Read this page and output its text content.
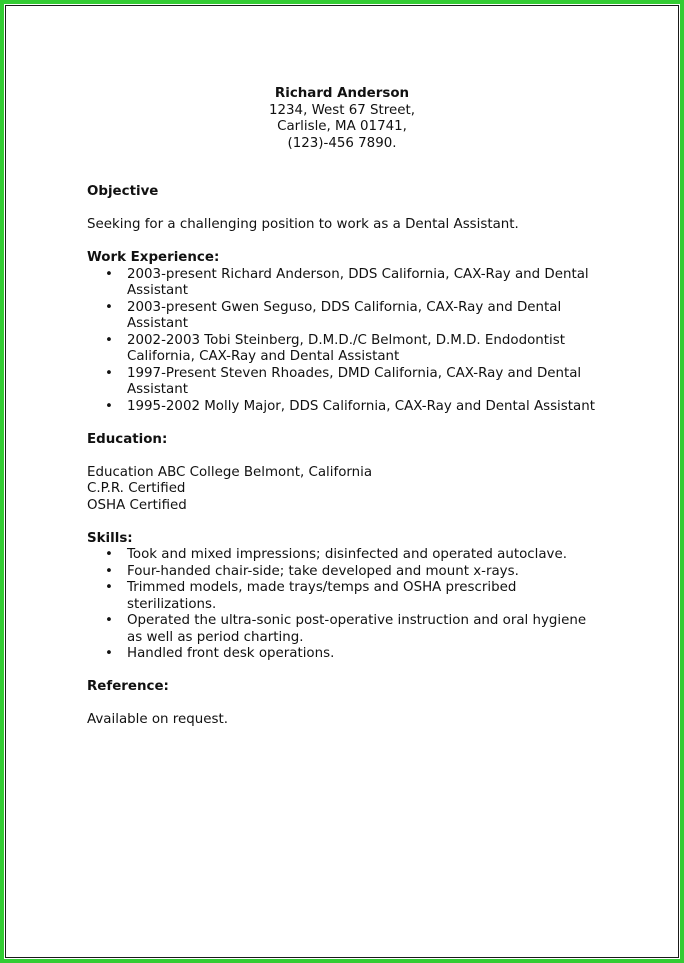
Richard Anderson
1234, West 67 Street,
Carlisle, MA 01741,
(123)-456 7890.
Objective

Seeking for a challenging position to work as a Dental Assistant.

Work Experience:
• 2003-present Richard Anderson, DDS California, CAX-Ray and Dental Assistant
• 2003-present Gwen Seguso, DDS California, CAX-Ray and Dental Assistant
• 2002-2003 Tobi Steinberg, D.M.D./C Belmont, D.M.D. Endodontist California, CAX-Ray and Dental Assistant
• 1997-Present Steven Rhoades, DMD California, CAX-Ray and Dental Assistant
• 1995-2002 Molly Major, DDS California, CAX-Ray and Dental Assistant
Education:
Education ABC College Belmont, California
C.P.R. Certified
OSHA Certified
Skills:
• Took and mixed impressions; disinfected and operated autoclave.
• Four-handed chair-side; take developed and mount x-rays.
• Trimmed models, made trays/temps and OSHA prescribed sterilizations.
• Operated the ultra-sonic post-operative instruction and oral hygiene as well as period charting.
• Handled front desk operations.
Reference:

Available on request.
